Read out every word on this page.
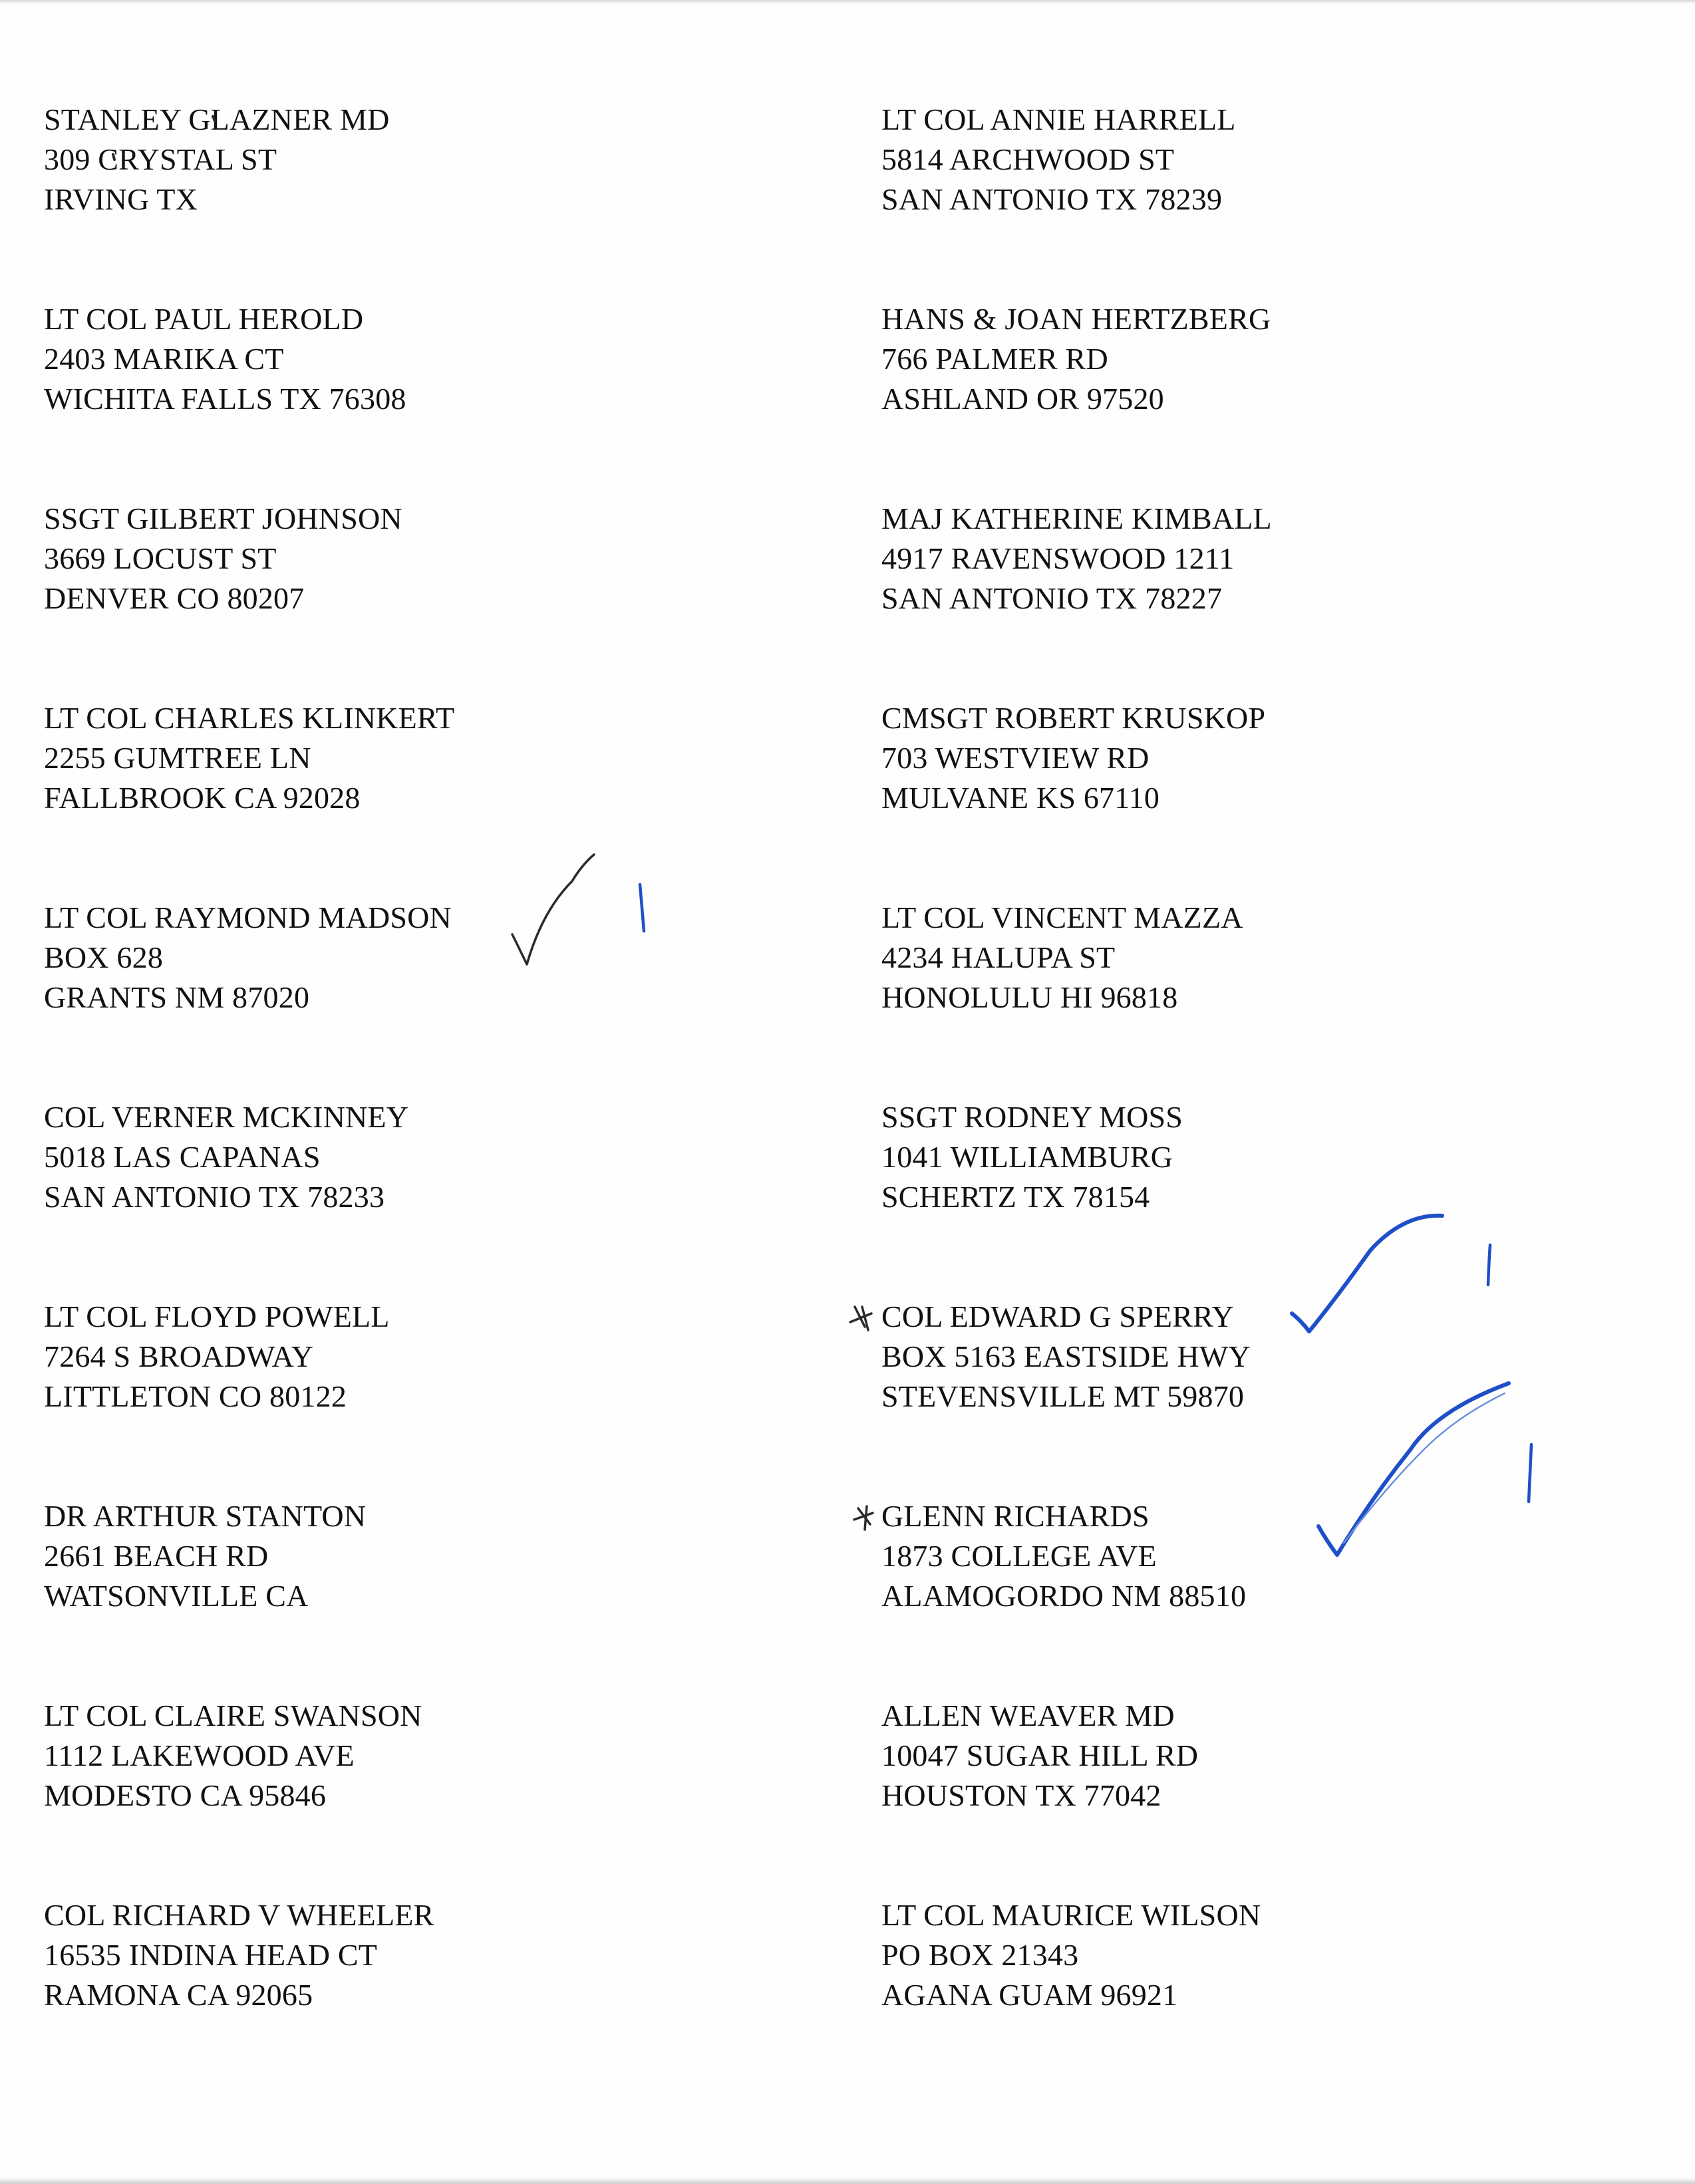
STANLEY GLAZNER MD
309 CRYSTAL ST
IRVING TX
LT COL PAUL HEROLD
2403 MARIKA CT
WICHITA FALLS TX 76308
SSGT GILBERT JOHNSON
3669 LOCUST ST
DENVER CO 80207
LT COL CHARLES KLINKERT
2255 GUMTREE LN
FALLBROOK CA 92028
LT COL RAYMOND MADSON
BOX 628
GRANTS NM 87020
COL VERNER MCKINNEY
5018 LAS CAPANAS
SAN ANTONIO TX 78233
LT COL FLOYD POWELL
7264 S BROADWAY
LITTLETON CO 80122
DR ARTHUR STANTON
2661 BEACH RD
WATSONVILLE CA
LT COL CLAIRE SWANSON
1112 LAKEWOOD AVE
MODESTO CA 95846
COL RICHARD V WHEELER
16535 INDINA HEAD CT
RAMONA CA 92065
LT COL ANNIE HARRELL
5814 ARCHWOOD ST
SAN ANTONIO TX 78239
HANS & JOAN HERTZBERG
766 PALMER RD
ASHLAND OR 97520
MAJ KATHERINE KIMBALL
4917 RAVENSWOOD 1211
SAN ANTONIO TX 78227
CMSGT ROBERT KRUSKOP
703 WESTVIEW RD
MULVANE KS 67110
LT COL VINCENT MAZZA
4234 HALUPA ST
HONOLULU HI 96818
SSGT RODNEY MOSS
1041 WILLIAMBURG
SCHERTZ TX 78154
COL EDWARD G SPERRY
BOX 5163 EASTSIDE HWY
STEVENSVILLE MT 59870
GLENN RICHARDS
1873 COLLEGE AVE
ALAMOGORDO NM 88510
ALLEN WEAVER MD
10047 SUGAR HILL RD
HOUSTON TX 77042
LT COL MAURICE WILSON
PO BOX 21343
AGANA GUAM 96921
